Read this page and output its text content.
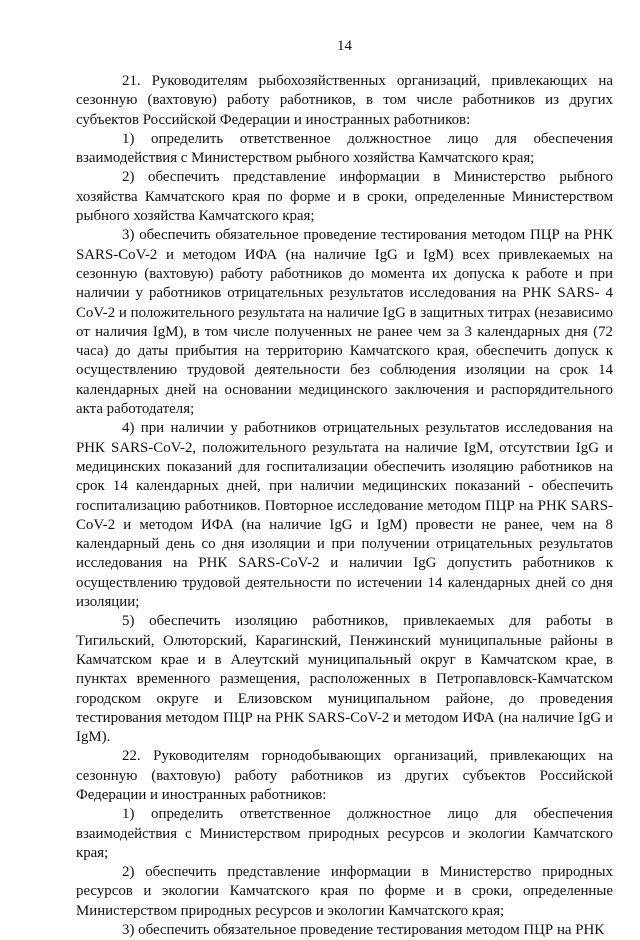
14

21. Руководителям рыбохозяйственных организаций, привлекающих на сезонную (вахтовую) работу работников, в том числе работников из других субъектов Российской Федерации и иностранных работников:

1) определить ответственное должностное лицо для обеспечения взаимодействия с Министерством рыбного хозяйства Камчатского края;

2) обеспечить представление информации в Министерство рыбного хозяйства Камчатского края по форме и в сроки, определенные Министерством рыбного хозяйства Камчатского края;

3) обеспечить обязательное проведение тестирования методом ПЦР на РНК SARS-CoV-2 и методом ИФА (на наличие IgG и IgM) всех привлекаемых на сезонную (вахтовую) работу работников до момента их допуска к работе и при наличии у работников отрицательных результатов исследования на РНК SARS- 4 CoV-2 и положительного результата на наличие IgG в защитных титрах (независимо от наличия IgM), в том числе полученных не ранее чем за 3 календарных дня (72 часа) до даты прибытия на территорию Камчатского края, обеспечить допуск к осуществлению трудовой деятельности без соблюдения изоляции на срок 14 календарных дней на основании медицинского заключения и распорядительного акта работодателя;

4) при наличии у работников отрицательных результатов исследования на РНК SARS-CoV-2, положительного результата на наличие IgM, отсутствии IgG и медицинских показаний для госпитализации обеспечить изоляцию работников на срок 14 календарных дней, при наличии медицинских показаний - обеспечить госпитализацию работников. Повторное исследование методом ПЦР на РНК SARS-CoV-2 и методом ИФА (на наличие IgG и IgM) провести не ранее, чем на 8 календарный день со дня изоляции и при получении отрицательных результатов исследования на РНК SARS-CoV-2 и наличии IgG допустить работников к осуществлению трудовой деятельности по истечении 14 календарных дней со дня изоляции;

5) обеспечить изоляцию работников, привлекаемых для работы в Тигильский, Олюторский, Карагинский, Пенжинский муниципальные районы в Камчатском крае и в Алеутский муниципальный округ в Камчатском крае, в пунктах временного размещения, расположенных в Петропавловск-Камчатском городском округе и Елизовском муниципальном районе, до проведения тестирования методом ПЦР на РНК SARS-CoV-2 и методом ИФА (на наличие IgG и IgM).

22. Руководителям горнодобывающих организаций, привлекающих на сезонную (вахтовую) работу работников из других субъектов Российской Федерации и иностранных работников:

1) определить ответственное должностное лицо для обеспечения взаимодействия с Министерством природных ресурсов и экологии Камчатского края;

2) обеспечить представление информации в Министерство природных ресурсов и экологии Камчатского края по форме и в сроки, определенные Министерством природных ресурсов и экологии Камчатского края;

3) обеспечить обязательное проведение тестирования методом ПЦР на РНК
